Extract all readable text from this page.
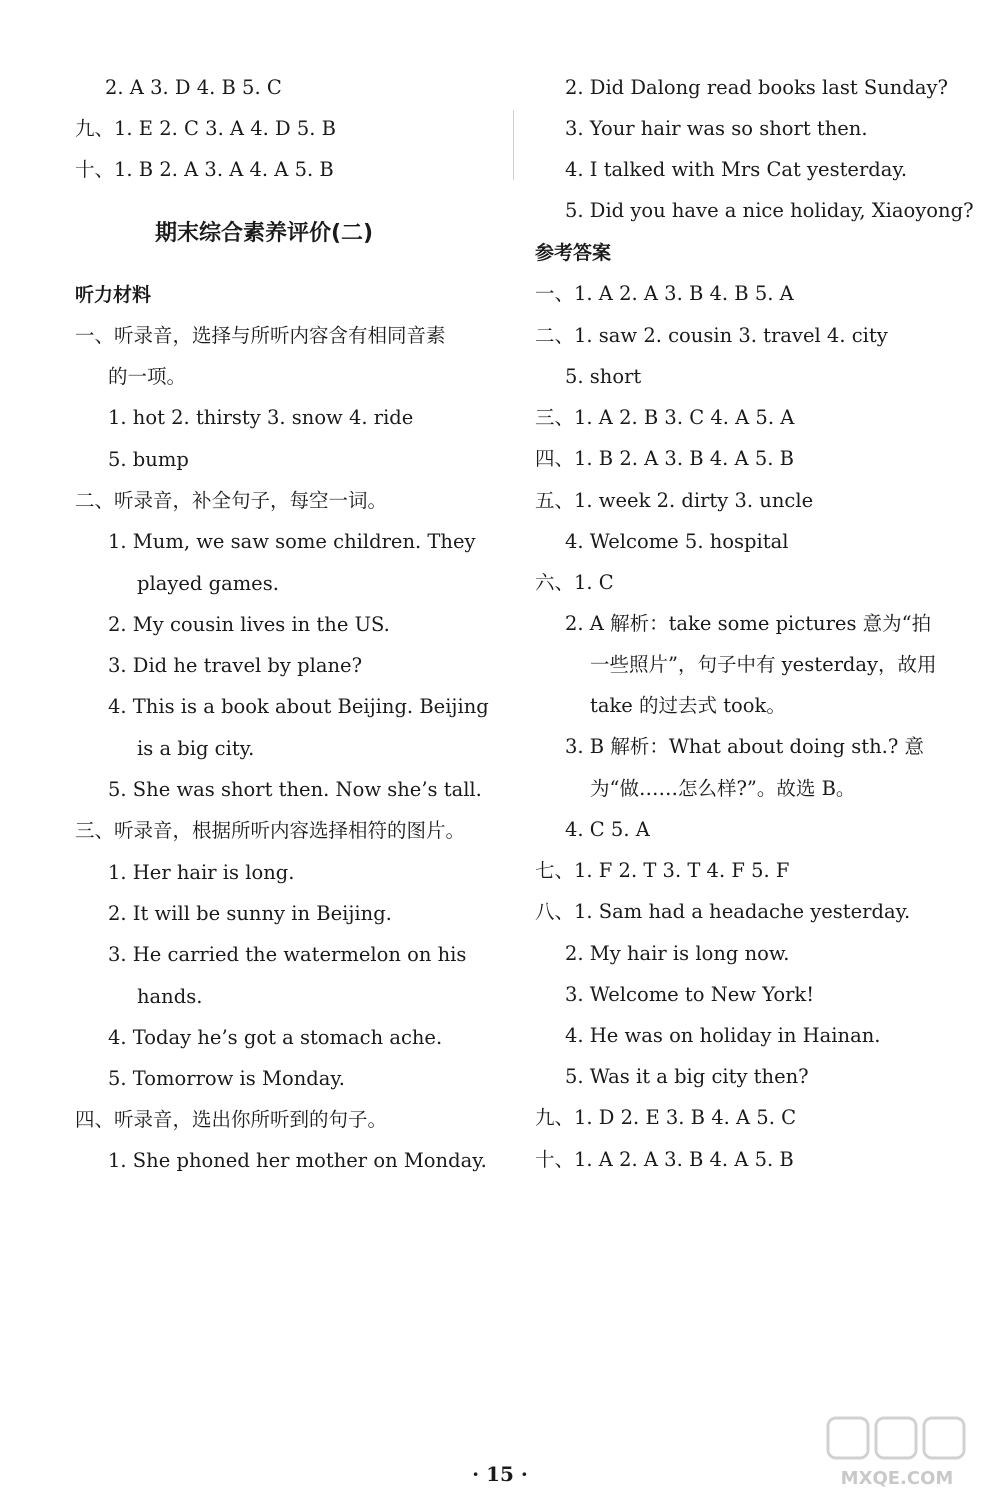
2. A 3. D 4. B 5. C
九、1. E 2. C 3. A 4. D 5. B
十、1. B 2. A 3. A 4. A 5. B
听力材料
一、听录音，选择与所听内容含有相同音素
的一项。
1. hot 2. thirsty 3. snow 4. ride
5. bump
二、听录音，补全句子，每空一词。
1. Mum, we saw some children. They
played games.
2. My cousin lives in the US.
3. Did he travel by plane?
4. This is a book about Beijing. Beijing
is a big city.
5. She was short then. Now she’s tall.
三、听录音，根据所听内容选择相符的图片。
1. Her hair is long.
2. It will be sunny in Beijing.
3. He carried the watermelon on his
hands.
4. Today he’s got a stomach ache.
5. Tomorrow is Monday.
四、听录音，选出你所听到的句子。
1. She phoned her mother on Monday.
期末综合素养评价(二)
2. Did Dalong read books last Sunday?
3. Your hair was so short then.
4. I talked with Mrs Cat yesterday.
5. Did you have a nice holiday, Xiaoyong?
参考答案
一、1. A 2. A 3. B 4. B 5. A
二、1. saw 2. cousin 3. travel 4. city
5. short
三、1. A 2. B 3. C 4. A 5. A
四、1. B 2. A 3. B 4. A 5. B
五、1. week 2. dirty 3. uncle
4. Welcome 5. hospital
六、1. C
2. A 解析：take some pictures 意为“拍
一些照片”，句子中有 yesterday，故用
take 的过去式 took。
3. B 解析：What about doing sth.? 意
为“做……怎么样?”。故选 B。
4. C 5. A
七、1. F 2. T 3. T 4. F 5. F
八、1. Sam had a headache yesterday.
2. My hair is long now.
3. Welcome to New York!
4. He was on holiday in Hainan.
5. Was it a big city then?
九、1. D 2. E 3. B 4. A 5. C
十、1. A 2. A 3. B 4. A 5. B
· 15 ·	MXQE.COM
